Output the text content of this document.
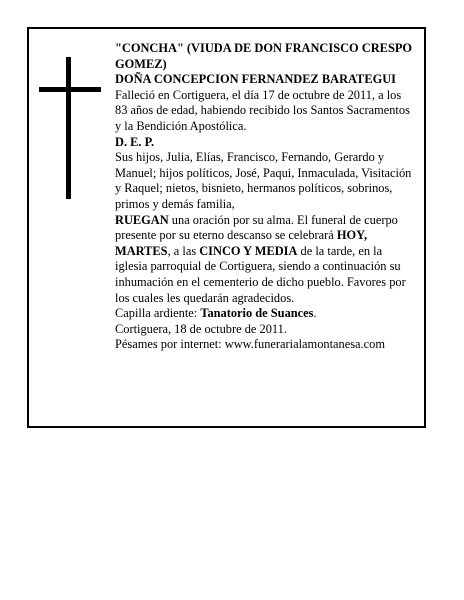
"CONCHA" (VIUDA DE DON FRANCISCO CRESPO GOMEZ)

DOÑA CONCEPCION FERNANDEZ BARATEGUI

Falleció en Cortiguera, el día 17 de octubre de 2011, a los 83 años de edad, habiendo recibido los Santos Sacramentos y la Bendición Apostólica.

D. E. P.

Sus hijos, Julia, Elías, Francisco, Fernando, Gerardo y Manuel; hijos políticos, José, Paqui, Inmaculada, Visitación y Raquel; nietos, bisnieto, hermanos políticos, sobrinos, primos y demás familia,

RUEGAN una oración por su alma. El funeral de cuerpo presente por su eterno descanso se celebrará HOY, MARTES, a las CINCO Y MEDIA de la tarde, en la iglesia parroquial de Cortiguera, siendo a continuación su inhumación en el cementerio de dicho pueblo. Favores por los cuales les quedarán agradecidos.

Capilla ardiente: Tanatorio de Suances.

Cortiguera, 18 de octubre de 2011.

Pésames por internet: www.funerarialamontanesa.com
